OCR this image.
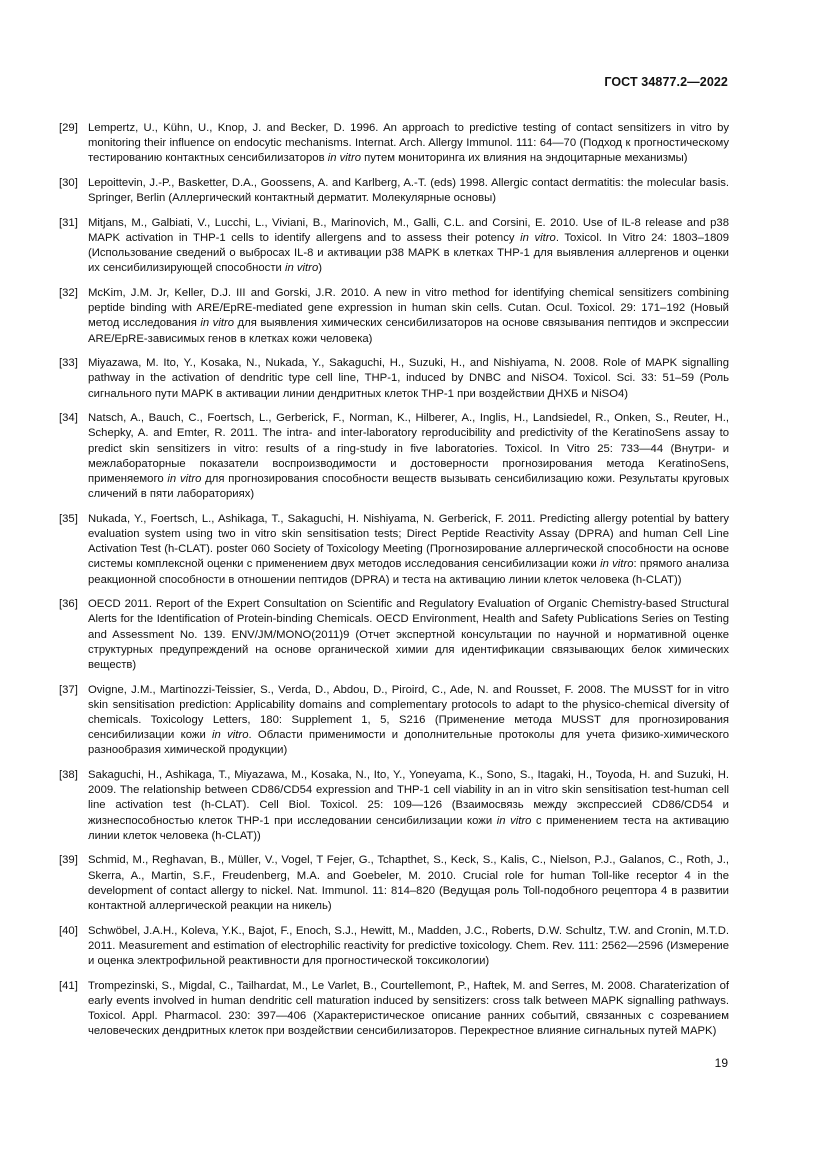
ГОСТ 34877.2—2022
[29] Lempertz, U., Kühn, U., Knop, J. and Becker, D. 1996. An approach to predictive testing of contact sensitizers in vitro by monitoring their influence on endocytic mechanisms. Internat. Arch. Allergy Immunol. 111: 64—70 (Подход к прогностическому тестированию контактных сенсибилизаторов in vitro путем мониторинга их влияния на эндоцитарные механизмы)
[30] Lepoittevin, J.-P., Basketter, D.A., Goossens, A. and Karlberg, A.-T. (eds) 1998. Allergic contact dermatitis: the molecular basis. Springer, Berlin (Аллергический контактный дерматит. Молекулярные основы)
[31] Mitjans, M., Galbiati, V., Lucchi, L., Viviani, B., Marinovich, M., Galli, C.L. and Corsini, E. 2010. Use of IL-8 release and p38 MAPK activation in THP-1 cells to identify allergens and to assess their potency in vitro. Toxicol. In Vitro 24: 1803–1809 (Использование сведений о выбросах IL-8 и активации p38 MAPK в клетках THP-1 для выявления аллергенов и оценки их сенсибилизирующей способности in vitro)
[32] McKim, J.M. Jr, Keller, D.J. III and Gorski, J.R. 2010. A new in vitro method for identifying chemical sensitizers combining peptide binding with ARE/EpRE-mediated gene expression in human skin cells. Cutan. Ocul. Toxicol. 29: 171–192 (Новый метод исследования in vitro для выявления химических сенсибилизаторов на основе связывания пептидов и экспрессии ARE/EpRE-зависимых генов в клетках кожи человека)
[33] Miyazawa, M. Ito, Y., Kosaka, N., Nukada, Y., Sakaguchi, H., Suzuki, H., and Nishiyama, N. 2008. Role of MAPK signalling pathway in the activation of dendritic type cell line, THP-1, induced by DNBC and NiSO4. Toxicol. Sci. 33: 51–59 (Роль сигнального пути MAPK в активации линии дендритных клеток THP-1 при воздействии ДНХБ и NiSO4)
[34] Natsch, A., Bauch, C., Foertsch, L., Gerberick, F., Norman, K., Hilberer, A., Inglis, H., Landsiedel, R., Onken, S., Reuter, H., Schepky, A. and Emter, R. 2011. The intra- and inter-laboratory reproducibility and predictivity of the KeratinoSens assay to predict skin sensitizers in vitro: results of a ring-study in five laboratories. Toxicol. In Vitro 25: 733—44 (Внутри- и межлабораторные показатели воспроизводимости и достоверности прогнозирования метода KeratinoSens, применяемого in vitro для прогнозирования способности веществ вызывать сенсибилизацию кожи. Результаты круговых сличений в пяти лабораториях)
[35] Nukada, Y., Foertsch, L., Ashikaga, T., Sakaguchi, H. Nishiyama, N. Gerberick, F. 2011. Predicting allergy potential by battery evaluation system using two in vitro skin sensitisation tests; Direct Peptide Reactivity Assay (DPRA) and human Cell Line Activation Test (h-CLAT). poster 060 Society of Toxicology Meeting (Прогнозирование аллергической способности на основе системы комплексной оценки с применением двух методов исследования сенсибилизации кожи in vitro: прямого анализа реакционной способности в отношении пептидов (DPRA) и теста на активацию линии клеток человека (h-CLAT))
[36] OECD 2011. Report of the Expert Consultation on Scientific and Regulatory Evaluation of Organic Chemistry-based Structural Alerts for the Identification of Protein-binding Chemicals. OECD Environment, Health and Safety Publications Series on Testing and Assessment No. 139. ENV/JM/MONO(2011)9 (Отчет экспертной консультации по научной и нормативной оценке структурных предупреждений на основе органической химии для идентификации связывающих белок химических веществ)
[37] Ovigne, J.M., Martinozzi-Teissier, S., Verda, D., Abdou, D., Piroird, C., Ade, N. and Rousset, F. 2008. The MUSST for in vitro skin sensitisation prediction: Applicability domains and complementary protocols to adapt to the physico-chemical diversity of chemicals. Toxicology Letters, 180: Supplement 1, 5, S216 (Применение метода MUSST для прогнозирования сенсибилизации кожи in vitro. Области применимости и дополнительные протоколы для учета физико-химического разнообразия химической продукции)
[38] Sakaguchi, H., Ashikaga, T., Miyazawa, M., Kosaka, N., Ito, Y., Yoneyama, K., Sono, S., Itagaki, H., Toyoda, H. and Suzuki, H. 2009. The relationship between CD86/CD54 expression and THP-1 cell viability in an in vitro skin sensitisation test-human cell line activation test (h-CLAT). Cell Biol. Toxicol. 25: 109—126 (Взаимосвязь между экспрессией CD86/CD54 и жизнеспособностью клеток THP-1 при исследовании сенсибилизации кожи in vitro с применением теста на активацию линии клеток человека (h-CLAT))
[39] Schmid, M., Reghavan, B., Müller, V., Vogel, T Fejer, G., Tchapthet, S., Keck, S., Kalis, C., Nielson, P.J., Galanos, C., Roth, J., Skerra, A., Martin, S.F., Freudenberg, M.A. and Goebeler, M. 2010. Crucial role for human Toll-like receptor 4 in the development of contact allergy to nickel. Nat. Immunol. 11: 814–820 (Ведущая роль Toll-подобного рецептора 4 в развитии контактной аллергической реакции на никель)
[40] Schwöbel, J.A.H., Koleva, Y.K., Bajot, F., Enoch, S.J., Hewitt, M., Madden, J.C., Roberts, D.W. Schultz, T.W. and Cronin, M.T.D. 2011. Measurement and estimation of electrophilic reactivity for predictive toxicology. Chem. Rev. 111: 2562—2596 (Измерение и оценка электрофильной реактивности для прогностической токсикологии)
[41] Trompezinski, S., Migdal, C., Tailhardat, M., Le Varlet, B., Courtellemont, P., Haftek, M. and Serres, M. 2008. Charaterization of early events involved in human dendritic cell maturation induced by sensitizers: cross talk between MAPK signalling pathways. Toxicol. Appl. Pharmacol. 230: 397—406 (Характеристическое описание ранних событий, связанных с созреванием человеческих дендритных клеток при воздействии сенсибилизаторов. Перекрестное влияние сигнальных путей MAPK)
19
